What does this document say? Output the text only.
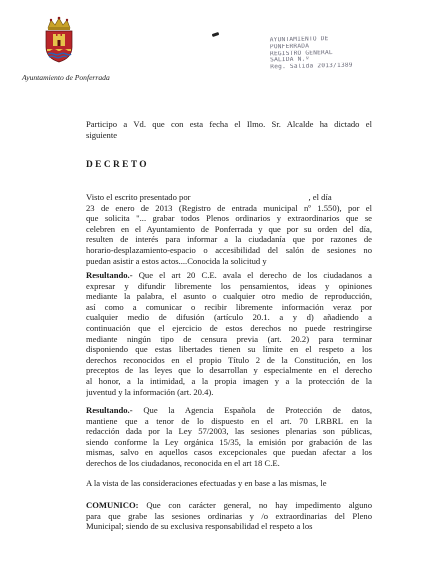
Ayuntamiento de Ponferrada
AYUNTAMIENTO DE
PONFERRADA
REGISTRO GENERAL
SALIDA N.º
Reg. Salida 2013/1389
Participo a Vd. que con esta fecha el Ilmo. Sr. Alcalde ha dictado el
siguiente
DECRETO
Visto el escrito presentado por	, el día
23 de enero de 2013 (Registro de entrada municipal nº 1.550), por el
que solicita "... grabar todos Plenos ordinarios y extraordinarios que se
celebren en el Ayuntamiento de Ponferrada y que por su orden del día,
resulten de interés para informar a la ciudadanía que por razones de
horario-desplazamiento-espacio o accesibilidad del salón de sesiones no
puedan asistir a estos actos....Conocida la solicitud y
Resultando.- Que el art 20 C.E. avala el derecho de los ciudadanos a
expresar y difundir libremente los pensamientos, ideas y opiniones
mediante la palabra, el asunto o cualquier otro medio de reproducción,
así como a comunicar o recibir libremente información veraz por
cualquier medio de difusión (artículo 20.1. a y d) añadiendo a
continuación que el ejercicio de estos derechos no puede restringirse
mediante ningún tipo de censura previa (art. 20.2) para terminar
disponiendo que estas libertades tienen su límite en el respeto a los
derechos reconocidos en el propio Título 2 de la Constitución, en los
preceptos de las leyes que lo desarrollan y especialmente en el derecho
al honor, a la intimidad, a la propia imagen y a la protección de la
juventud y la información (art. 20.4).
Resultando.- Que la Agencia Española de Protección de datos,
mantiene que a tenor de lo dispuesto en el art. 70 LRBRL en la
redacción dada por la Ley 57/2003, las sesiones plenarias son públicas,
siendo conforme la Ley orgánica 15/35, la emisión por grabación de las
mismas, salvo en aquellos casos excepcionales que puedan afectar a los
derechos de los ciudadanos, reconocida en el art 18 C.E.
A la vista de las consideraciones efectuadas y en base a las mismas, le
COMUNICO: Que con carácter general, no hay impedimento alguno
para que grabe las sesiones ordinarias y /o extraordinarias del Pleno
Municipal; siendo de su exclusiva responsabilidad el respeto a los
